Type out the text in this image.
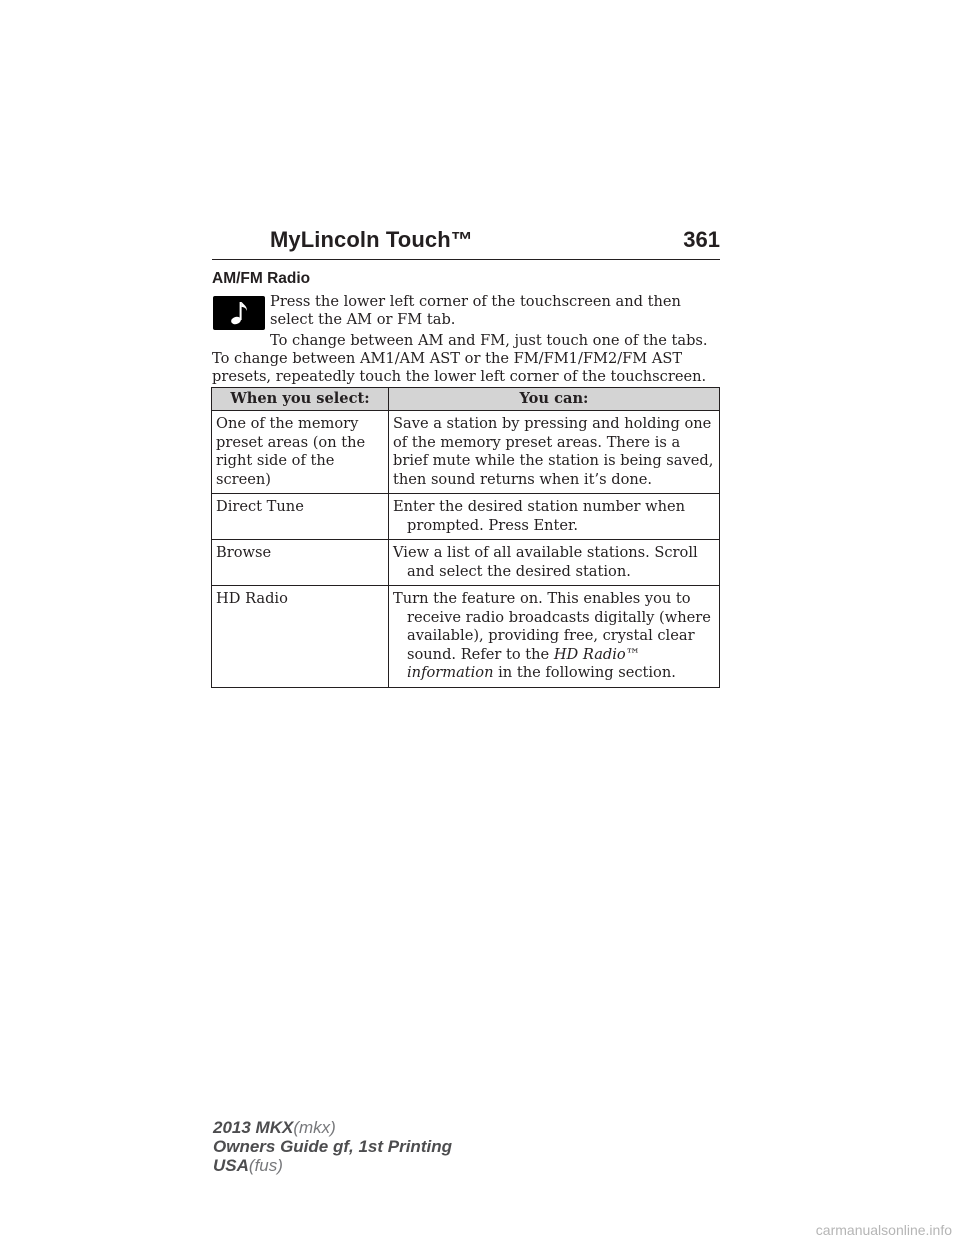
MyLincoln Touch™	361
AM/FM Radio
Press the lower left corner of the touchscreen and then select the AM or FM tab.
To change between AM and FM, just touch one of the tabs. To change between AM1/AM AST or the FM/FM1/FM2/FM AST presets, repeatedly touch the lower left corner of the touchscreen.
When you select:	You can:
One of the memory preset areas (on the right side of the screen)	Save a station by pressing and holding one of the memory preset areas. There is a brief mute while the station is being saved, then sound returns when it’s done.
Direct Tune	Enter the desired station number when prompted. Press Enter.
Browse	View a list of all available stations. Scroll and select the desired station.
HD Radio	Turn the feature on. This enables you to receive radio broadcasts digitally (where available), providing free, crystal clear sound. Refer to the HD Radio™ information in the following section.
2013 MKX(mkx)
Owners Guide gf, 1st Printing
USA(fus)
carmanualsonline.info
